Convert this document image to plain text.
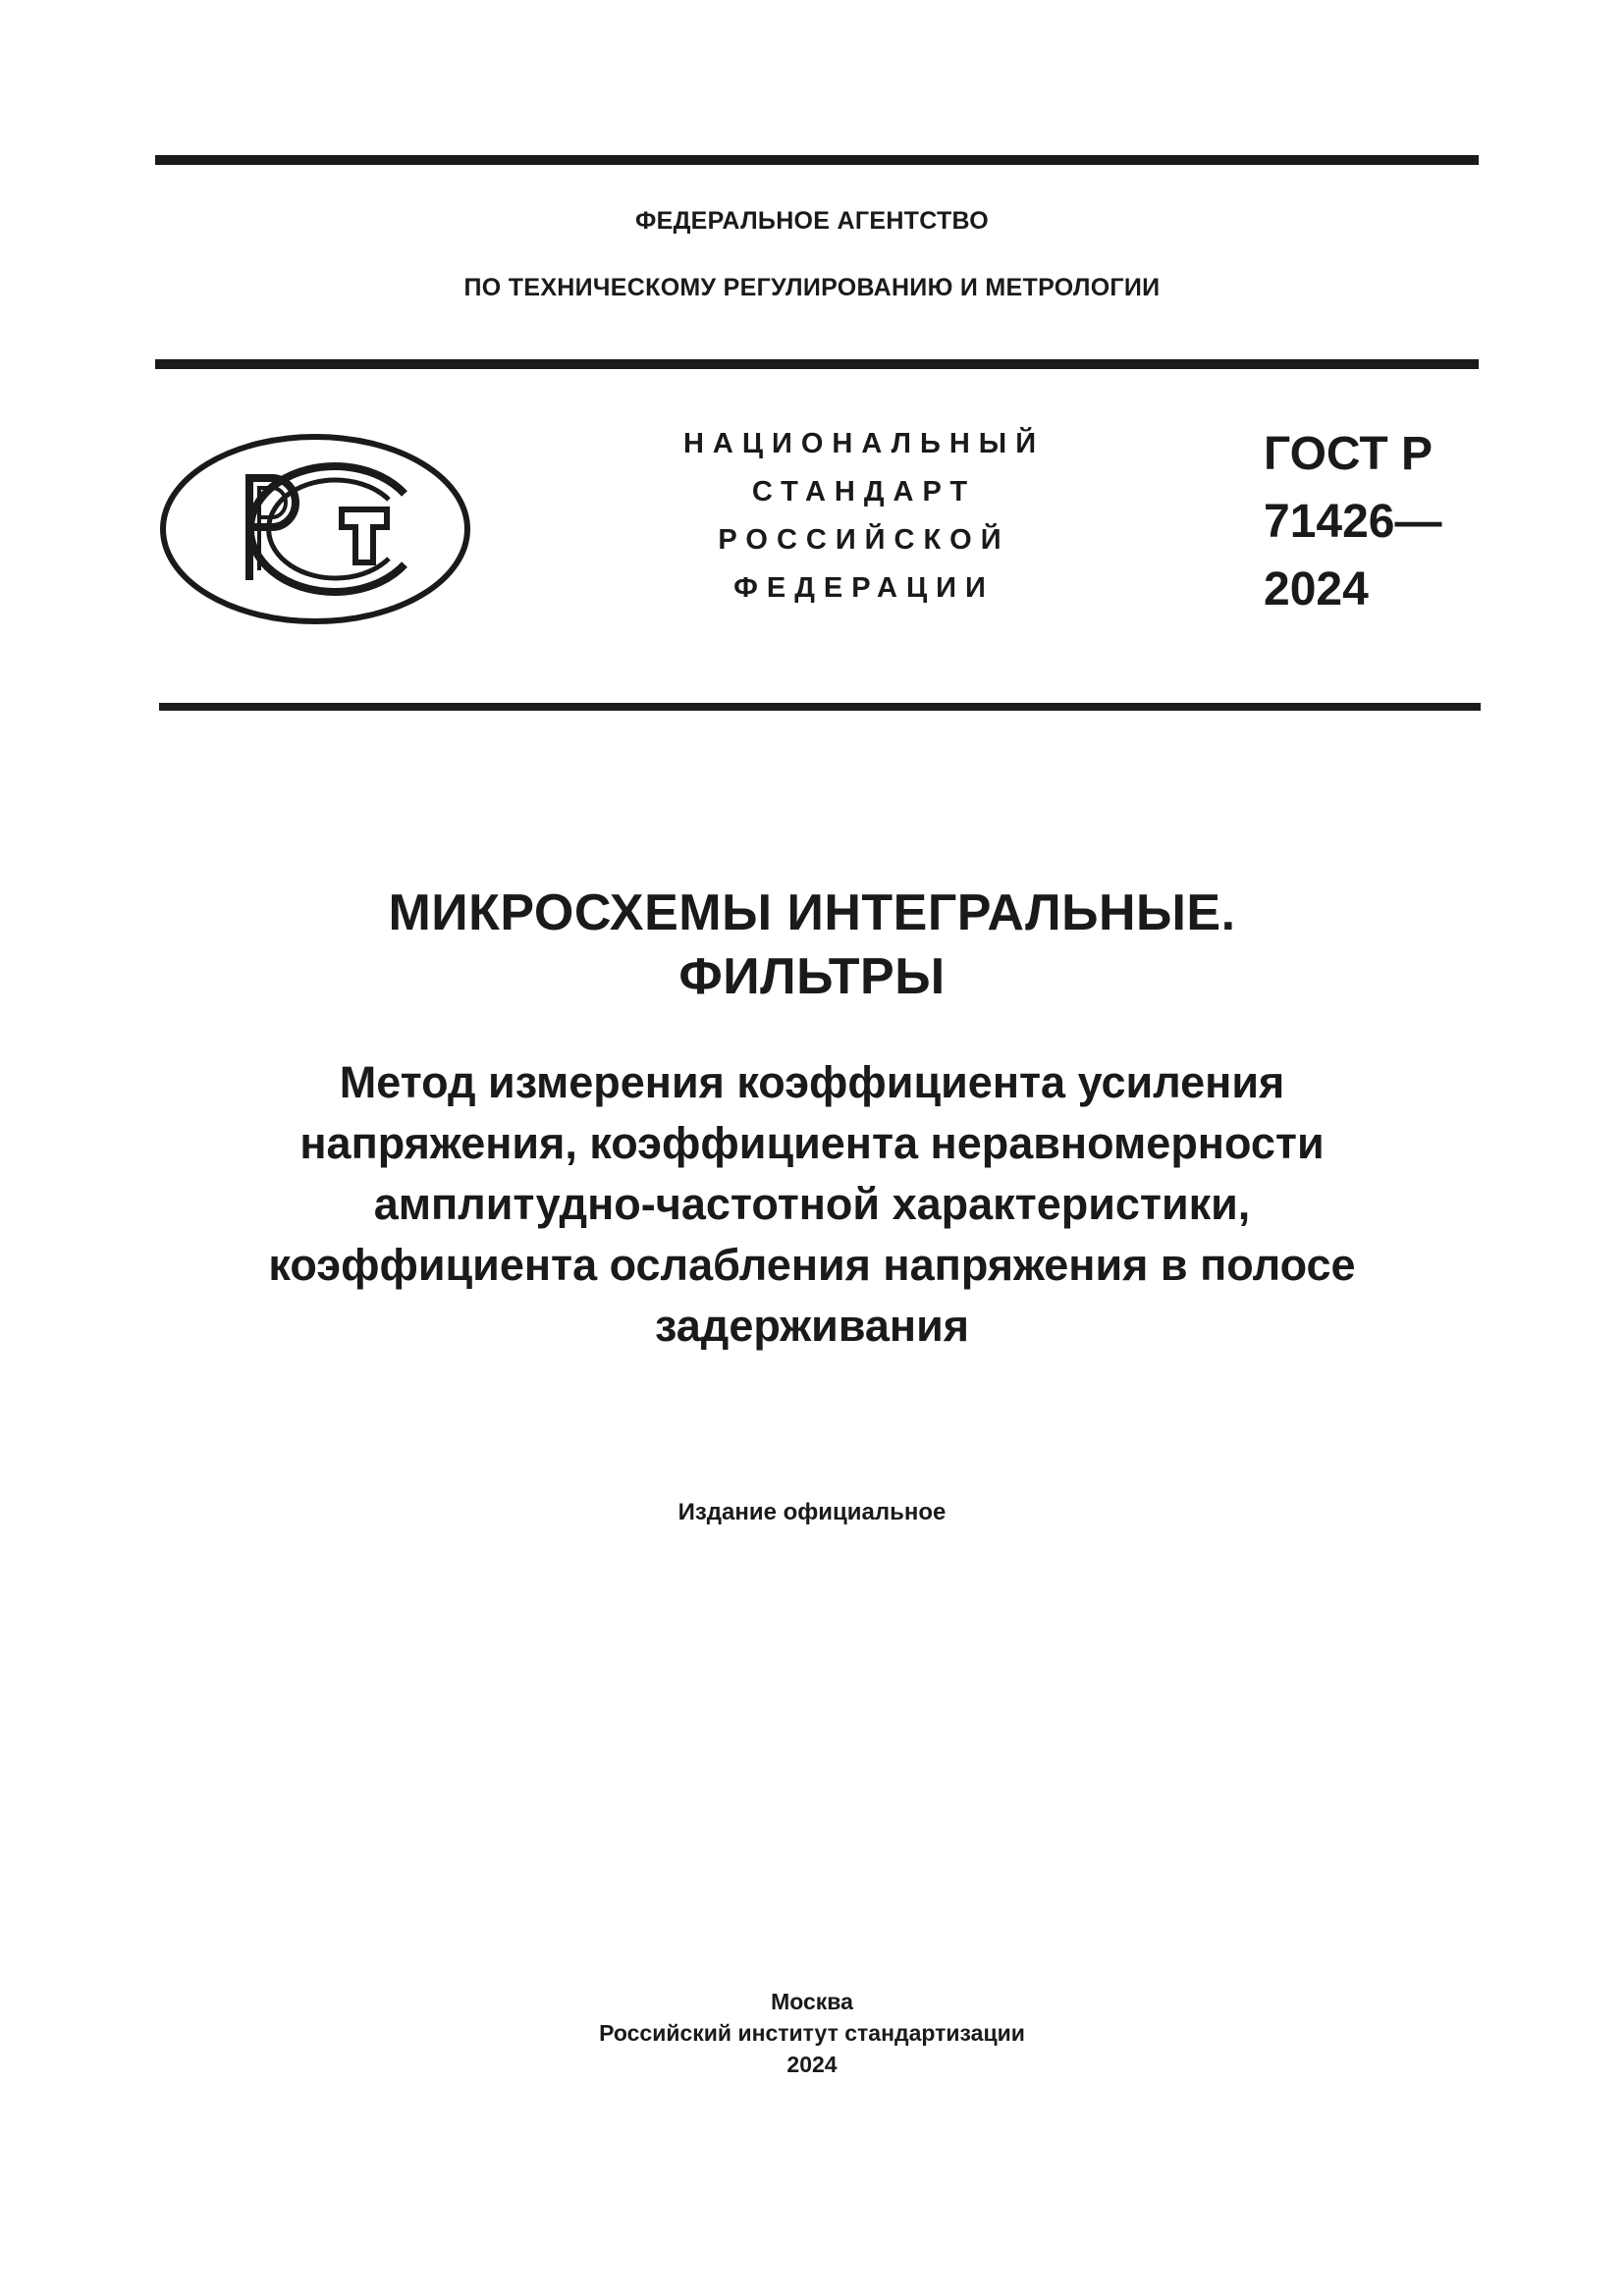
ФЕДЕРАЛЬНОЕ АГЕНТСТВО
ПО ТЕХНИЧЕСКОМУ РЕГУЛИРОВАНИЮ И МЕТРОЛОГИИ
НАЦИОНАЛЬНЫЙ
СТАНДАРТ
РОССИЙСКОЙ
ФЕДЕРАЦИИ
ГОСТ Р
71426—
2024
МИКРОСХЕМЫ ИНТЕГРАЛЬНЫЕ.
ФИЛЬТРЫ
Метод измерения коэффициента усиления
напряжения, коэффициента неравномерности
амплитудно-частотной характеристики,
коэффициента ослабления напряжения в полосе
задерживания
Издание официальное
Москва
Российский институт стандартизации
2024
